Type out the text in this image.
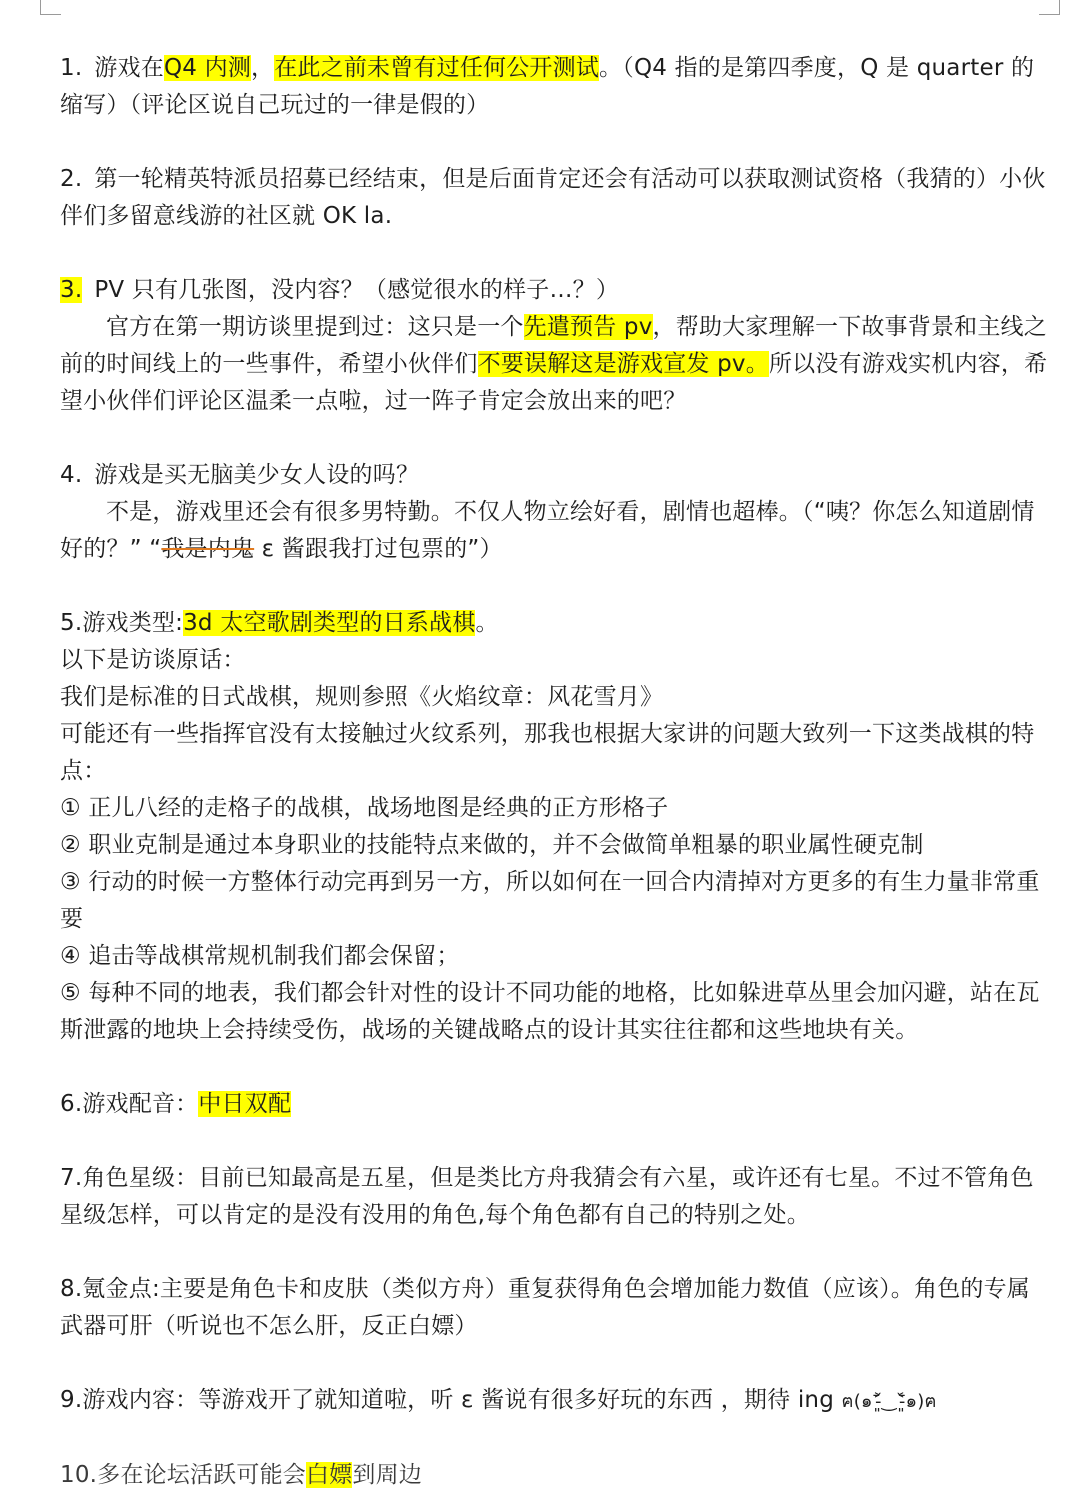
1. 游戏在Q4 内测，在此之前未曾有过任何公开测试。（Q4 指的是第四季度，Q 是 quarter 的缩写）（评论区说自己玩过的一律是假的）

2. 第一轮精英特派员招募已经结束，但是后面肯定还会有活动可以获取测试资格（我猜的）小伙伴们多留意线游的社区就 OK la.

3. PV 只有几张图，没内容？（感觉很水的样子…？）

官方在第一期访谈里提到过：这只是一个先遣预告 pv，帮助大家理解一下故事背景和主线之前的时间线上的一些事件，希望小伙伴们不要误解这是游戏宣发 pv。所以没有游戏实机内容，希望小伙伴们评论区温柔一点啦，过一阵子肯定会放出来的吧？

4. 游戏是买无脑美少女人设的吗？

不是，游戏里还会有很多男特勤。不仅人物立绘好看，剧情也超棒。（“咦？你怎么知道剧情好的？” “我是内鬼 ε 酱跟我打过包票的”）

5.游戏类型:3d 太空歌剧类型的日系战棋。

以下是访谈原话：

我们是标准的日式战棋，规则参照《火焰纹章：风花雪月》

可能还有一些指挥官没有太接触过火纹系列，那我也根据大家讲的问题大致列一下这类战棋的特点：

① 正儿八经的走格子的战棋，战场地图是经典的正方形格子

② 职业克制是通过本身职业的技能特点来做的，并不会做简单粗暴的职业属性硬克制

③ 行动的时候一方整体行动完再到另一方，所以如何在一回合内清掉对方更多的有生力量非常重要

④ 追击等战棋常规机制我们都会保留；

⑤ 每种不同的地表，我们都会针对性的设计不同功能的地格，比如躲进草丛里会加闪避，站在瓦斯泄露的地块上会持续受伤，战场的关键战略点的设计其实往往都和这些地块有关。

6.游戏配音：中日双配

7.角色星级：目前已知最高是五星，但是类比方舟我猜会有六星，或许还有七星。不过不管角色星级怎样，可以肯定的是没有没用的角色,每个角色都有自己的特别之处。

8.氪金点:主要是角色卡和皮肤（类似方舟）重复获得角色会增加能力数值（应该）。角色的专属武器可肝（听说也不怎么肝，反正白嫖）

9.游戏内容：等游戏开了就知道啦，听 ε 酱说有很多好玩的东西 ，期待 ing ฅ(๑˃̵͈᷄‿˂̵͈᷅๑)ฅ

10.多在论坛活跃可能会白嫖到周边
